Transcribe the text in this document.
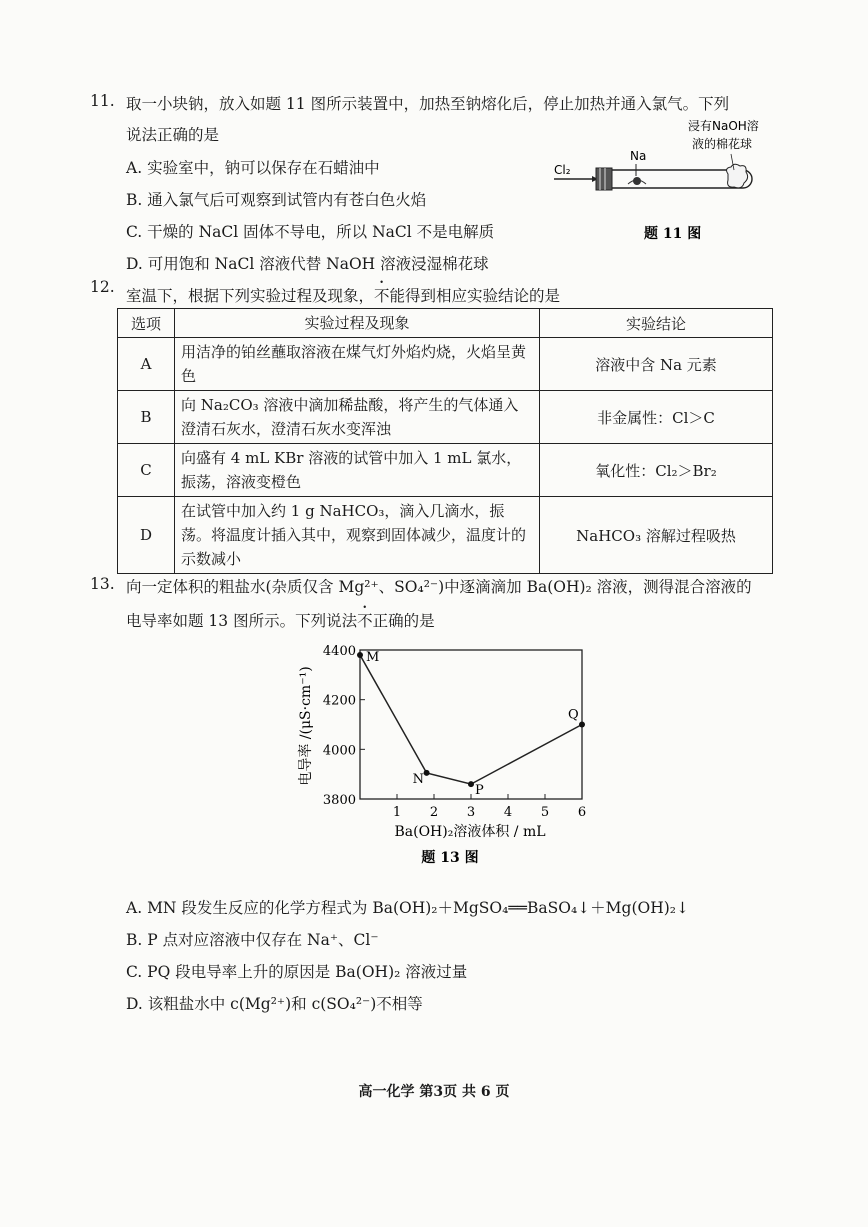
11. 取一小块钠，放入如题 11 图所示装置中，加热至钠熔化后，停止加热并通入氯气。下列
说法正确的是
A. 实验室中，钠可以保存在石蜡油中
B. 通入氯气后可观察到试管内有苍白色火焰
C. 干燥的 NaCl 固体不导电，所以 NaCl 不是电解质
D. 可用饱和 NaCl 溶液代替 NaOH 溶液浸湿棉花球
浸有NaOH溶
液的棉花球
Na
Cl₂
题 11 图
12. 室温下，根据下列实验过程及现象，不能得到相应实验结论的是
选项	实验过程及现象	实验结论
A	用洁净的铂丝蘸取溶液在煤气灯外焰灼烧，火焰呈黄色	溶液中含 Na 元素
B	向 Na₂CO₃ 溶液中滴加稀盐酸，将产生的气体通入澄清石灰水，澄清石灰水变浑浊	非金属性：Cl＞C
C	向盛有 4 mL KBr 溶液的试管中加入 1 mL 氯水，振荡，溶液变橙色	氧化性：Cl₂＞Br₂
D	在试管中加入约 1 g NaHCO₃，滴入几滴水，振荡。将温度计插入其中，观察到固体减少，温度计的示数减小	NaHCO₃ 溶解过程吸热
13. 向一定体积的粗盐水(杂质仅含 Mg²⁺、SO₄²⁻)中逐滴滴加 Ba(OH)₂ 溶液，测得混合溶液的
电导率如题 13 图所示。下列说法不正确的是
3800
4000
4200
4400
1 2 3 4 5 6
M
N
P
Q
电导率 /(μS·cm⁻¹)
Ba(OH)₂溶液体积 / mL
题 13 图
A. MN 段发生反应的化学方程式为 Ba(OH)₂＋MgSO₄══BaSO₄↓＋Mg(OH)₂↓
B. P 点对应溶液中仅存在 Na⁺、Cl⁻
C. PQ 段电导率上升的原因是 Ba(OH)₂ 溶液过量
D. 该粗盐水中 c(Mg²⁺)和 c(SO₄²⁻)不相等
高一化学 第3页 共 6 页
